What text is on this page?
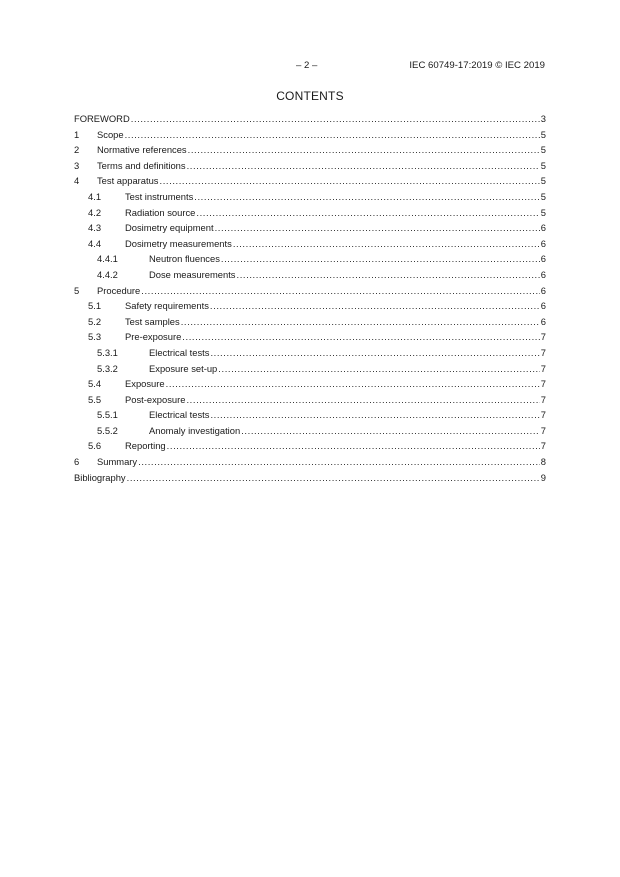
– 2 –	IEC 60749-17:2019 © IEC 2019
CONTENTS
FOREWORD .....	3
1	Scope .....	5
2	Normative references .....	5
3	Terms and definitions .....	5
4	Test apparatus .....	5
4.1	Test instruments .....	5
4.2	Radiation source .....	5
4.3	Dosimetry equipment .....	6
4.4	Dosimetry measurements .....	6
4.4.1	Neutron fluences .....	6
4.4.2	Dose measurements .....	6
5	Procedure .....	6
5.1	Safety requirements .....	6
5.2	Test samples .....	6
5.3	Pre-exposure .....	7
5.3.1	Electrical tests .....	7
5.3.2	Exposure set-up .....	7
5.4	Exposure .....	7
5.5	Post-exposure .....	7
5.5.1	Electrical tests .....	7
5.5.2	Anomaly investigation .....	7
5.6	Reporting .....	7
6	Summary .....	8
Bibliography .....	9
